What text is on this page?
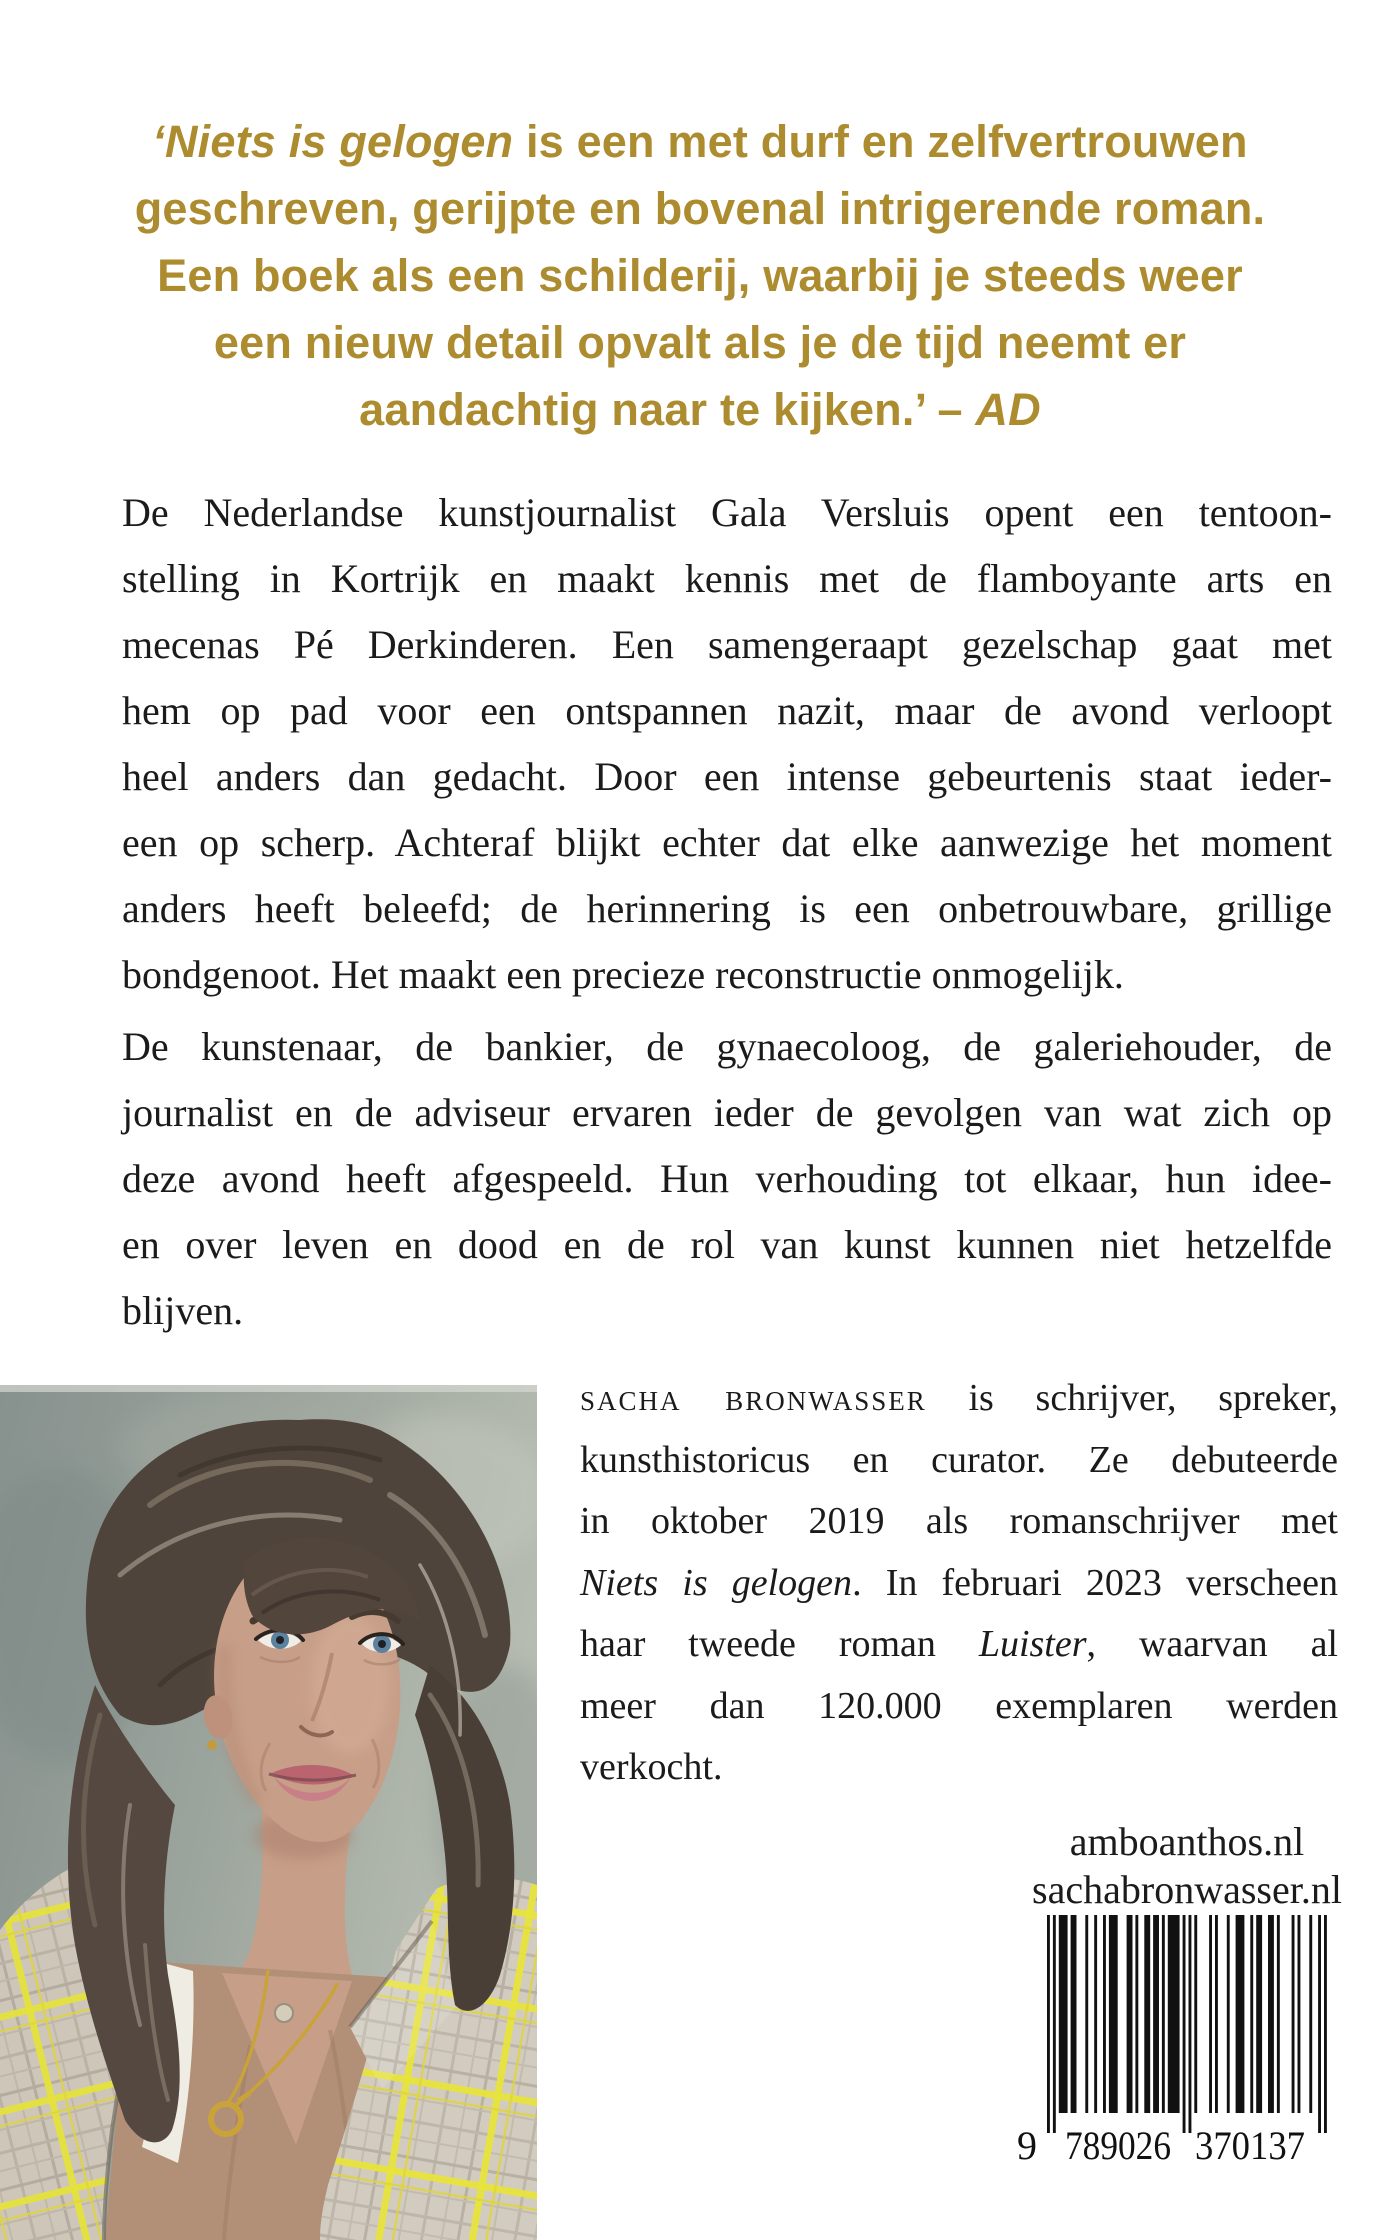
‘Niets is gelogen is een met durf en zelfvertrouwen
geschreven, gerijpte en bovenal intrigerende roman.
Een boek als een schilderij, waarbij je steeds weer
een nieuw detail opvalt als je de tijd neemt er
aandachtig naar te kijken.’ – AD
De Nederlandse kunstjournalist Gala Versluis opent een tentoon-
stelling in Kortrijk en maakt kennis met de flamboyante arts en
mecenas Pé Derkinderen. Een samengeraapt gezelschap gaat met
hem op pad voor een ontspannen nazit, maar de avond verloopt
heel anders dan gedacht. Door een intense gebeurtenis staat ieder-
een op scherp. Achteraf blijkt echter dat elke aanwezige het moment
anders heeft beleefd; de herinnering is een onbetrouwbare, grillige
bondgenoot. Het maakt een precieze reconstructie onmogelijk.
De kunstenaar, de bankier, de gynaecoloog, de galeriehouder, de
journalist en de adviseur ervaren ieder de gevolgen van wat zich op
deze avond heeft afgespeeld. Hun verhouding tot elkaar, hun idee-
en over leven en dood en de rol van kunst kunnen niet hetzelfde
blijven.
sacha bronwasser is schrijver, spreker,
kunsthistoricus en curator. Ze debuteerde
in oktober 2019 als romanschrijver met
Niets is gelogen. In februari 2023 verscheen
haar tweede roman Luister, waarvan al
meer dan 120.000 exemplaren werden
verkocht.
amboanthos.nl
sachabronwasser.nl
9 789026 370137
